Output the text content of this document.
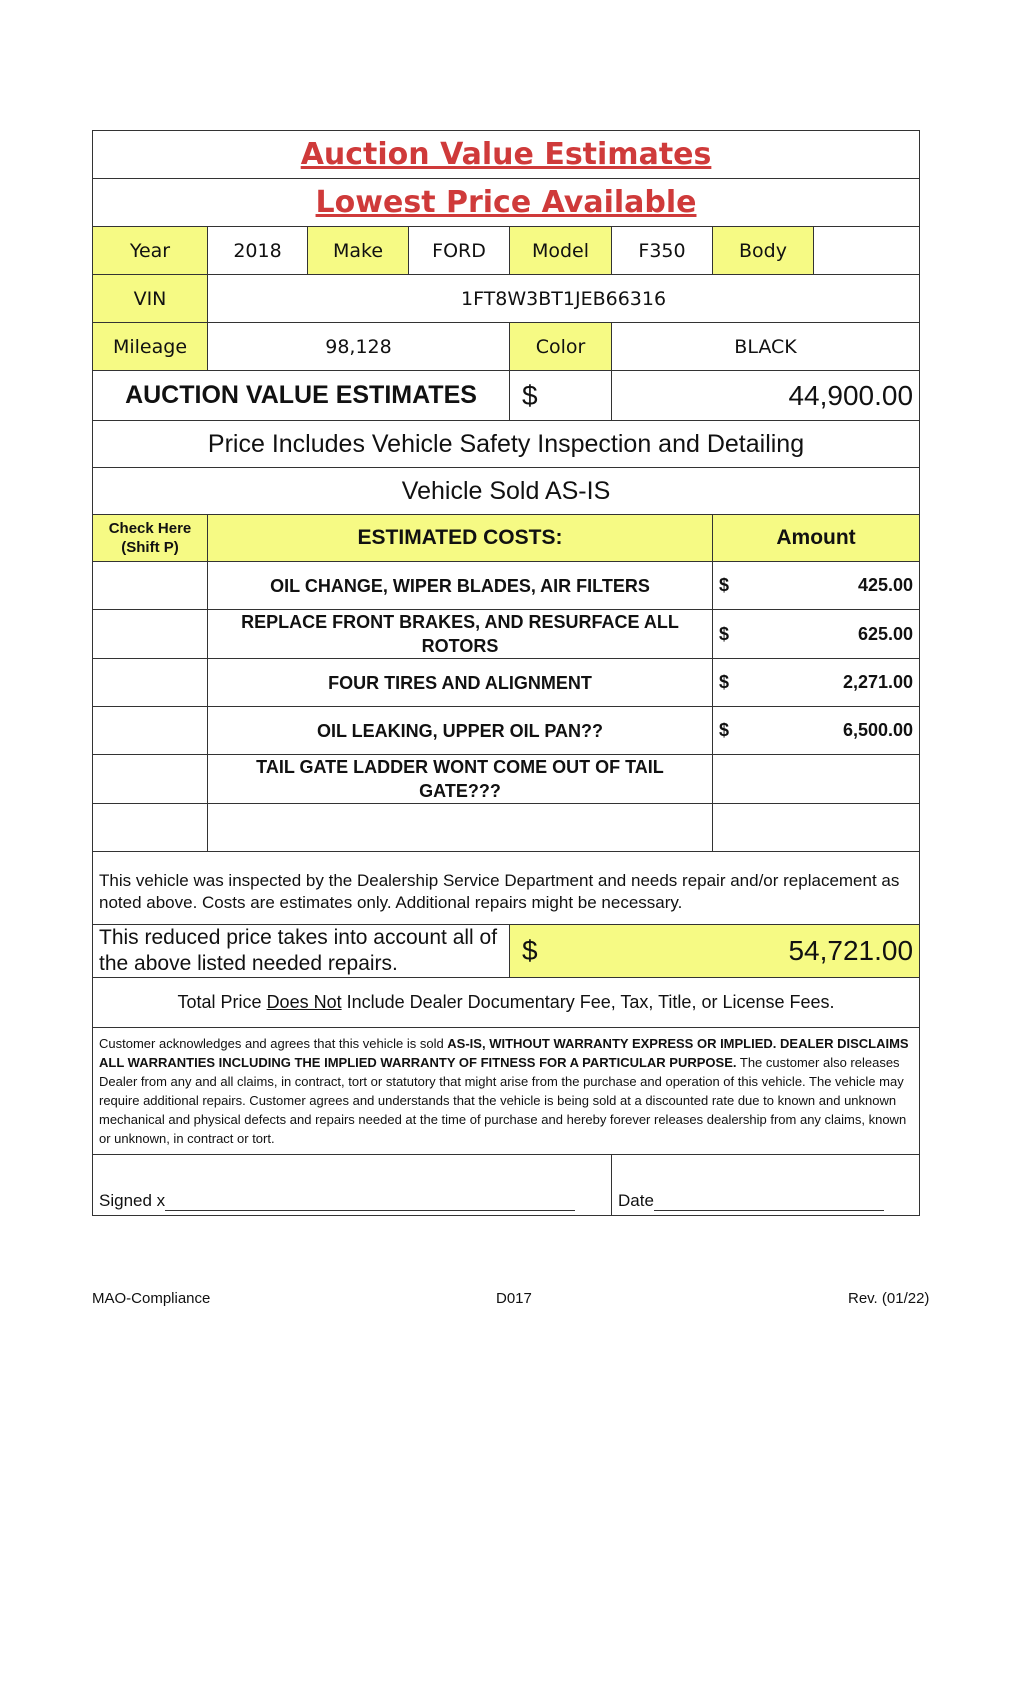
Auction Value Estimates							
Lowest Price Available							
Year	2018	Make	FORD	Model	F350	Body	
VIN	1FT8W3BT1JEB66316						
Mileage	98,128			Color	BLACK		
AUCTION VALUE ESTIMATES				$	44,900.00		
Price Includes Vehicle Safety Inspection and Detailing							
Vehicle Sold AS-IS							
Check Here (Shift P)	ESTIMATED COSTS:					Amount	
	OIL CHANGE, WIPER BLADES, AIR FILTERS					$	425.00
	REPLACE FRONT BRAKES, AND RESURFACE ALL ROTORS					$	625.00
	FOUR TIRES AND ALIGNMENT					$	2,271.00
	OIL LEAKING, UPPER OIL PAN??					$	6,500.00
	TAIL GATE LADDER WONT COME OUT OF TAIL GATE???						

This vehicle was inspected by the Dealership Service Department and needs repair and/or replacement as noted above. Costs are estimates only. Additional repairs might be necessary.							
This reduced price takes into account all of the above listed needed repairs.				$	54,721.00		
Total Price Does Not Include Dealer Documentary Fee, Tax, Title, or License Fees.							
Customer acknowledges and agrees that this vehicle is sold AS-IS, WITHOUT WARRANTY EXPRESS OR IMPLIED. DEALER DISCLAIMS ALL WARRANTIES INCLUDING THE IMPLIED WARRANTY OF FITNESS FOR A PARTICULAR PURPOSE. The customer also releases Dealer from any and all claims, in contract, tort or statutory that might arise from the purchase and operation of this vehicle. The vehicle may require additional repairs. Customer agrees and understands that the vehicle is being sold at a discounted rate due to known and unknown mechanical and physical defects and repairs needed at the time of purchase and hereby forever releases dealership from any claims, known or unknown, in contract or tort.							
Signed x					Date		
MAO-Compliance	D017	Rev. (01/22)
